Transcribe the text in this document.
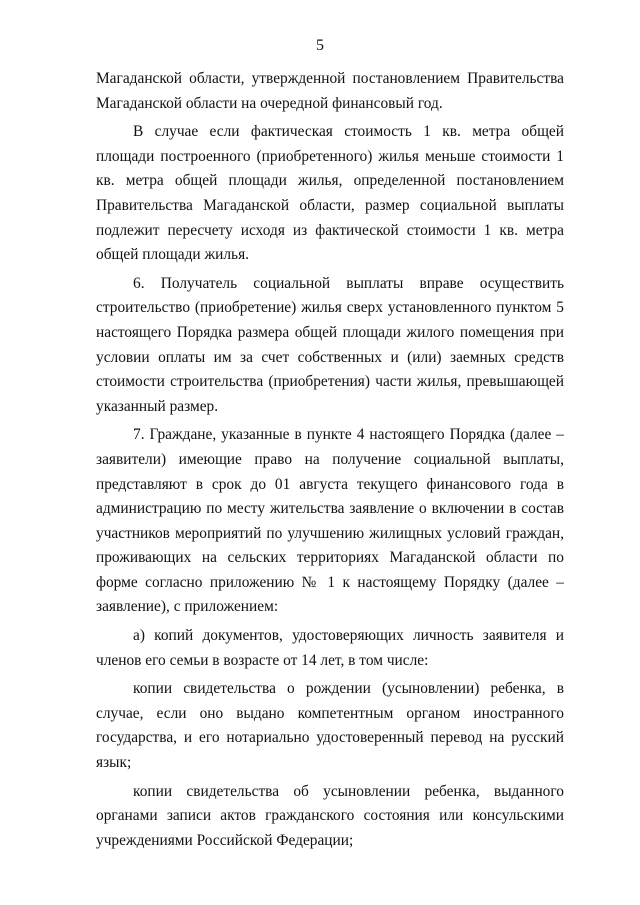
5

Магаданской области, утвержденной постановлением Правительства Магаданской области на очередной финансовый год.

В случае если фактическая стоимость 1 кв. метра общей площади построенного (приобретенного) жилья меньше стоимости 1 кв. метра общей площади жилья, определенной постановлением Правительства Магаданской области, размер социальной выплаты подлежит пересчету исходя из фактической стоимости 1 кв. метра общей площади жилья.

6. Получатель социальной выплаты вправе осуществить строительство (приобретение) жилья сверх установленного пунктом 5 настоящего Порядка размера общей площади жилого помещения при условии оплаты им за счет собственных и (или) заемных средств стоимости строительства (приобретения) части жилья, превышающей указанный размер.

7. Граждане, указанные в пункте 4 настоящего Порядка (далее – заявители) имеющие право на получение социальной выплаты, представляют в срок до 01 августа текущего финансового года в администрацию по месту жительства заявление о включении в состав участников мероприятий по улучшению жилищных условий граждан, проживающих на сельских территориях Магаданской области по форме согласно приложению № 1 к настоящему Порядку (далее – заявление), с приложением:

а) копий документов, удостоверяющих личность заявителя и членов его семьи в возрасте от 14 лет, в том числе:

копии свидетельства о рождении (усыновлении) ребенка, в случае, если оно выдано компетентным органом иностранного государства, и его нотариально удостоверенный перевод на русский язык;

копии свидетельства об усыновлении ребенка, выданного органами записи актов гражданского состояния или консульскими учреждениями Российской Федерации;
